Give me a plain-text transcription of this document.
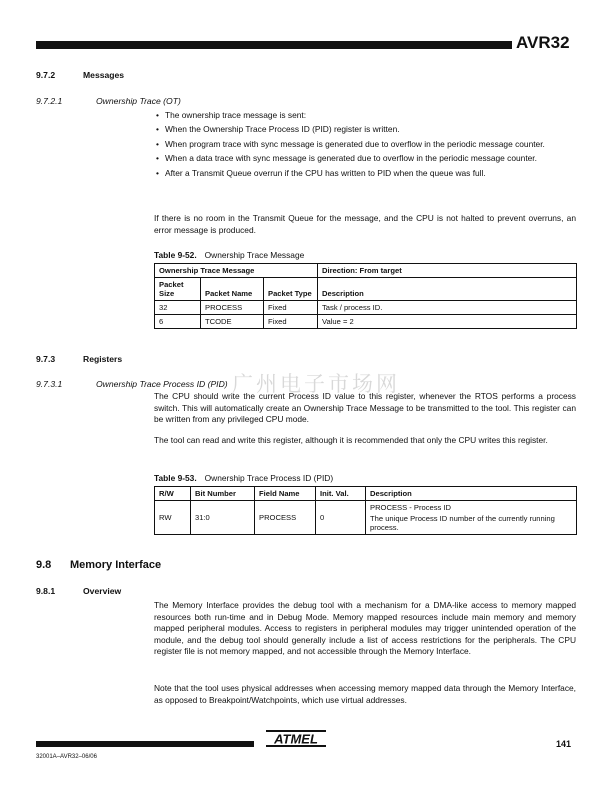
AVR32
9.7.2	Messages
9.7.2.1	Ownership Trace (OT)
• The ownership trace message is sent:
• When the Ownership Trace Process ID (PID) register is written.
• When program trace with sync message is generated due to overflow in the periodic message counter.
• When a data trace with sync message is generated due to overflow in the periodic message counter.
• After a Transmit Queue overrun if the CPU has written to PID when the queue was full.
If there is no room in the Transmit Queue for the message, and the CPU is not halted to prevent overruns, an error message is produced.
Table 9-52. Ownership Trace Message
Ownership Trace Message			Direction: From target
Packet Size	Packet Name	Packet Type	Description
32	PROCESS	Fixed	Task / process ID.
6	TCODE	Fixed	Value = 2
9.7.3	Registers
9.7.3.1	Ownership Trace Process ID (PID) 广州电子市场网
The CPU should write the current Process ID value to this register, whenever the RTOS performs a process switch. This will automatically create an Ownership Trace Message to be transmitted to the tool. This register can be written from any privileged CPU mode.
The tool can read and write this register, although it is recommended that only the CPU writes this register.
Table 9-53. Ownership Trace Process ID (PID)
R/W	Bit Number	Field Name	Init. Val.	Description
RW	31:0	PROCESS	0	PROCESS - Process ID
The unique Process ID number of the currently running process.
9.8 Memory Interface
9.8.1	Overview
The Memory Interface provides the debug tool with a mechanism for a DMA-like access to memory mapped resources both run-time and in Debug Mode. Memory mapped resources include main memory and memory mapped peripheral modules. Access to registers in peripheral modules may trigger unintended operation of the module, and the debug tool should generally include a list of access restrictions for the peripherals. The CPU register file is not memory mapped, and not accessible through the Memory Interface.
Note that the tool uses physical addresses when accessing memory mapped data through the Memory Interface, as opposed to Breakpoint/Watchpoints, which use virtual addresses.
32001A–AVR32–06/06
ATMEL	141
